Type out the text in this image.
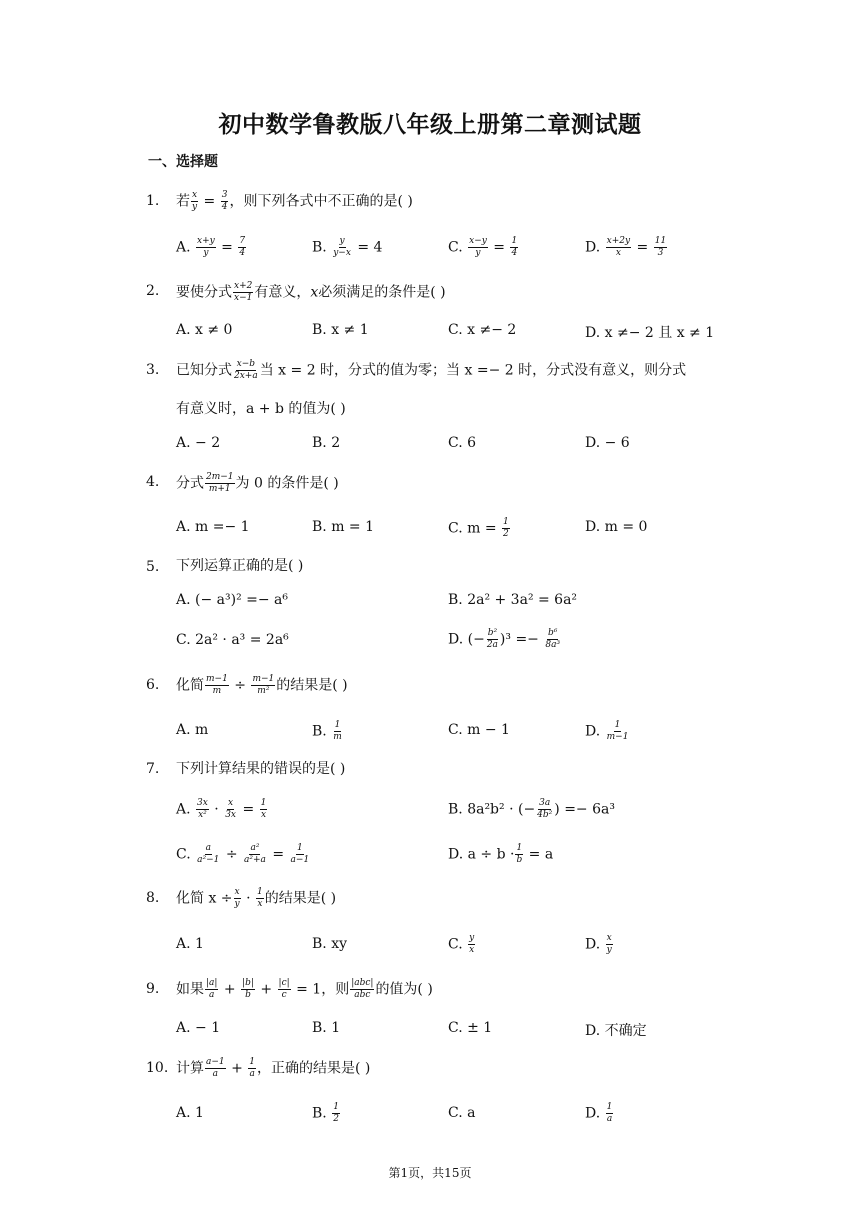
初中数学鲁教版八年级上册第二章测试题
一、选择题
1. 若 $\frac{x}{y} = \frac{3}{4}$ ，则下列各式中不正确的是( )
A. $\frac{x+y}{y} = \frac{7}{4}$	B. $\frac{y}{y-x} = 4$	C. $\frac{x-y}{y} = \frac{1}{4}$	D. $\frac{x+2y}{x} = \frac{11}{3}$
2. 要使分式 $\frac{x+2}{x-1}$ 有意义，x必须满足的条件是( )
A. x ≠ 0	B. x ≠ 1	C. x ≠− 2	D. x ≠− 2 且 x ≠ 1
3. 已知分式 $\frac{x-b}{2x+a}$ 当 x = 2 时，分式的值为零；当 x =− 2 时，分式没有意义，则分式
有意义时，a + b 的值为( )
A. − 2	B. 2	C. 6	D. − 6
4. 分式 $\frac{2m-1}{m+1}$ 为 0 的条件是( )
A. m =− 1	B. m = 1	C. $m = \frac{1}{2}$	D. m = 0
5. 下列运算正确的是( )
A. (− a³)² =− a⁶	B. 2a² + 3a² = 6a²
C. 2a² · a³ = 2a⁶	D. (− $\frac{\text{b²}}{2a} )^3 =- \frac{\text{b⁶}}{\text{8a³}}$
6. 化简 $\frac{m-1}{m} \div \frac{m-1}{\text{m²}}$ 的结果是( )
A. m	B. $\frac{1}{m}$	C. m − 1	D. $\frac{1}{m-1}$
7. 下列计算结果的错误的是( )
A. $\frac{3x}{\text{x²}} \cdot \frac{x}{3x} = \frac{1}{x}$	B. 8a²b² · (− $\frac{3a}{\text{4b²}}$ ) =− 6a³
C. $\frac{a}{\text{a²−1}} \div \frac{\text{a²}}{\text{a²+a}} = \frac{1}{a-1}$	D. $a \div b \cdot \frac{1}{b} = a$
8. 化简 $x \div \frac{x}{y} \cdot \frac{1}{x}$ 的结果是( )
A. 1	B. xy	C. $\frac{y}{x}$	D. $\frac{x}{y}$
9. 如果 $\frac{|a|}{a} + \frac{|b|}{b} + \frac{|c|}{c} = 1$，则 $\frac{\text{|abc|}}{\text{abc}}$ 的值为( )
A. − 1	B. 1	C. ± 1	D. 不确定
10. 计算 $\frac{a-1}{a} + \frac{1}{a}$ ，正确的结果是( )
A. 1	B. $\frac{1}{2}$	C. a	D. $\frac{1}{a}$
第1页，共15页
